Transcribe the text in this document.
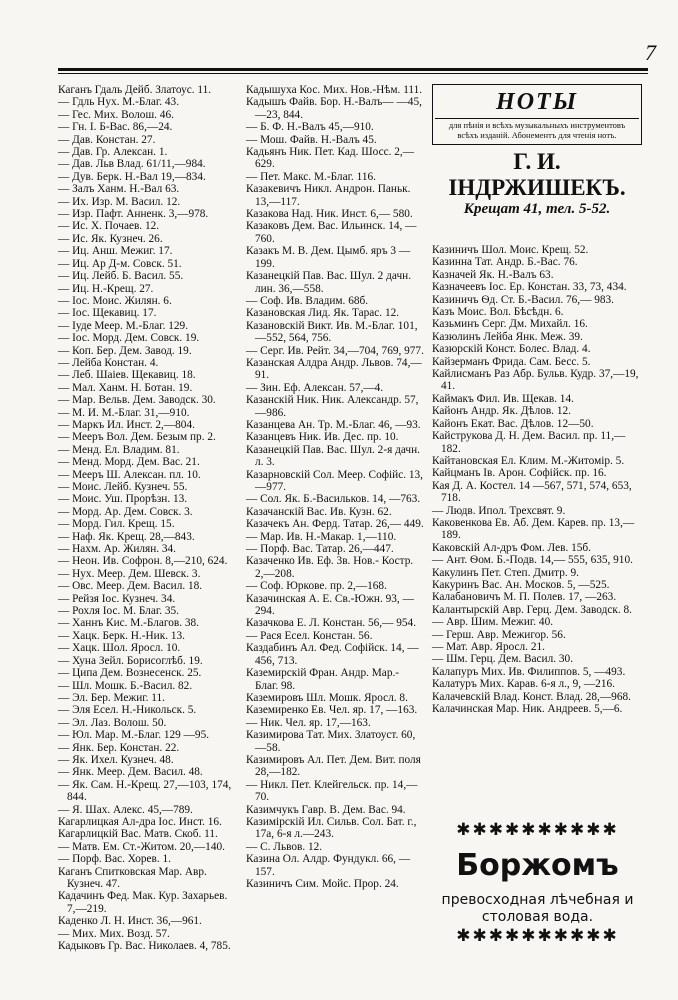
7
Каганъ Гдаль Дейб. Златоус. 11.
— Гдль Нух. М.-Благ. 43.
— Гес. Мих. Волош. 46.
— Гн. I. Б-Вас. 86,—24.
— Дав. Констан. 27.
— Дав. Гр. Алексан. 1.
— Дав. Льв Влад. 61/11,—984.
— Дув. Берк. Н.-Вал 19,—834.
— Залъ Ханм. Н.-Вал 63.
— Их. Изр. М. Васил. 12.
— Изр. Пафт. Анненк. 3,—978.
— Ис. X. Почаев. 12.
— Ис. Як. Кузнеч. 26.
— Иц. Анш. Межиг. 17.
— Иц. Ар Д-м. Совск. 51.
— Иц. Лейб. Б. Васил. 55.
— Иц. Н.-Крещ. 27.
— Іос. Моис. Жилян. 6.
— Іос. Щекавиц. 17.
— Іуде Меер. М.-Благ. 129.
— Іос. Морд. Дем. Совск. 19.
— Коп. Бер. Дем. Завод. 19.
— Лейба Констан. 4.
— Леб. Шаіев. Щекавиц. 18.
— Мал. Ханм. Н. Ботан. 19.
— Мар. Вельв. Дем. Заводск. 30.
— М. И. М.-Благ. 31,—910.
— Маркъ Ил. Инст. 2,—804.
— Мееръ Вол. Дем. Безым пр. 2.
— Менд. Ел. Владим. 81.
— Менд. Морд. Дем. Вас. 21.
— Мееръ Ш. Алексан. пл. 10.
— Моис. Лейб. Кузнеч. 55.
— Моис. Уш. Прорѣзн. 13.
— Морд. Ар. Дем. Совск. 3.
— Морд. Гил. Крещ. 15.
— Наф. Як. Крещ. 28,—843.
— Нахм. Ар. Жилян. 34.
— Неон. Ив. Софрон. 8,—210, 624.
— Нух. Меер. Дем. Шевск. 3.
— Овс. Меер. Дем. Васил. 18.
— Рейзя Іос. Кузнеч. 34.
— Рохля Іос. М. Благ. 35.
— Ханнъ Кис. М.-Благов. 38.
— Хацк. Берк. Н.-Ник. 13.
— Хацк. Шол. Яросл. 10.
— Хуна Зейл. Борисоглѣб. 19.
— Ципа Дем. Вознесенск. 25.
— Шл. Мошк. Б.-Васил. 82.
— Эл. Бер. Межиг. 11.
— Эля Есел. Н.-Никольск. 5.
— Эл. Лаз. Волош. 50.
— Юл. Мар. М.-Благ. 129 —95.
— Янк. Бер. Констан. 22.
— Як. Ихел. Кузнеч. 48.
— Янк. Меер. Дем. Васил. 48.
— Як. Сам. Н.-Крещ. 27,—103, 174, 844.
— Я. Шах. Алекс. 45,—789.
Кагарлицкая Ал-дра Іос. Инст. 16.
Кагарлицкій Вас. Матв. Скоб. 11.
— Матв. Ем. Ст.-Житом. 20,—140.
— Порф. Вас. Хорев. 1.
Каганъ Спитковская Мар. Авр. Кузнеч. 47.
Кадачинъ Фед. Мак. Кур. Захарьев. 7,—219.
Каденко Л. Н. Инст. 36,—961.
— Мих. Мих. Возд. 57.
Кадыковъ Гр. Вас. Николаев. 4, 785.
Кадышуха Кос. Мих. Нов.-Нѣм. 111.
Кадышъ Файв. Бор. Н.-Валъ— —45,—23, 844.
— Б. Ф. Н.-Валъ 45,—910.
— Мош. Файв. Н.-Валъ 45.
Кадьянъ Ник. Пет. Кад. Шосс. 2,—629.
— Пет. Макс. М.-Благ. 116.
Казакевичъ Никл. Андрон. Паньк. 13,—117.
Казакова Над. Ник. Инст. 6,— 580.
Казаковъ Дем. Вас. Ильинск. 14, —760.
Казакъ М. В. Дем. Цымб. яръ 3 —199.
Казанецкій Пав. Вас. Шул. 2 дачн. лин. 36,—558.
— Соф. Ив. Владим. 68б.
Казановская Лид. Як. Тарас. 12.
Казановскій Викт. Ив. М.-Благ. 101,—552, 564, 756.
— Серг. Ив. Рейт. 34,—704, 769, 977.
Казанская Алдра Андр. Львов. 74,—91.
— Зин. Еф. Алексан. 57,—4.
Казанскій Ник. Ник. Александр. 57,—986.
Казанцева Ан. Тр. М.-Благ. 46, —93.
Казанцевъ Ник. Ив. Дес. пр. 10.
Казанецкій Пав. Вас. Шул. 2-я дачн. л. 3.
Казарновскій Сол. Меер. Софійс. 13,—977.
— Сол. Як. Б.-Васильков. 14, —763.
Казачанскій Вас. Ив. Кузн. 62.
Казачекъ Ан. Ферд. Татар. 26,— 449.
— Мар. Ив. Н.-Макар. 1,—110.
— Порф. Вас. Татар. 26,—447.
Казаченко Ив. Еф. 3в. Нов.- Костр. 2,—208.
— Соф. Юркове. пр. 2,—168.
Казачинская А. Е. Св.-Южн. 93, —294.
Казачкова Е. Л. Констан. 56,— 954.
— Рася Есел. Констан. 56.
Каздабинъ Ал. Фед. Софійск. 14, —456, 713.
Каземирскій Фран. Андр. Мар.- Благ. 98.
Каземировъ Шл. Мошк. Яросл. 8.
Каземиренко Ев. Чел. яр. 17, —163.
— Ник. Чел. яр. 17,—163.
Казимирова Тат. Мих. Златоуст. 60,—58.
Казимировъ Ал. Пет. Дем. Вит. поля 28,—182.
— Никл. Пет. Клейгельск. пр. 14,—70.
Казимчукъ Гавр. В. Дем. Вас. 94.
Казимірскій Ил. Сильв. Сол. Бат. г., 17а, 6-я л.—243.
— С. Львов. 12.
Казина Ол. Алдр. Фундукл. 66, —157.
Казиничъ Сим. Мойс. Прор. 24.
НОТЫ
для пѣнія и всѣхъ музыкальныхъ инструментовъ всѣхъ изданій. Абонементъ для чтенія нотъ.
Г. И. ІНДРЖИШЕКЪ.
Крещат 41, тел. 5-52.
Казиничъ Шол. Моис. Крещ. 52.
Казинна Тат. Андр. Б.-Вас. 76.
Казначей Як. Н.-Валъ 63.
Казначеевъ Іос. Ер. Констан. 33, 73, 434.
Казиничъ Ѳд. Ст. Б.-Васил. 76,— 983.
Казъ Моис. Вол. Бѣсѣдн. 6.
Казьминъ Серг. Дм. Михайл. 16.
Казюлинъ Лейба Янк. Меж. 39.
Казюрскій Конст. Болес. Влад. 4.
Кайзерманъ Фрида. Сам. Бесс. 5.
Кайлисманъ Раз Абр. Бульв. Кудр. 37,—19, 41.
Каймакъ Фил. Ив. Щекав. 14.
Кайонъ Андр. Як. Дѣлов. 12.
Кайонъ Екат. Вас. Дѣлов. 12—50.
Кайструкова Д. Н. Дем. Васил. пр. 11,—182.
Кайтановская Ел. Клим. М.-Житомір. 5.
Кайцманъ Ів. Арон. Софійск. пр. 16.
Кая Д. А. Костел. 14 —567, 571, 574, 653, 718.
— Людв. Ипол. Трехсвят. 9.
Каковенкова Ев. Аб. Дем. Карев. пр. 13,—189.
Каковскій Ал-дръ Фом. Лев. 15б.
— Ант. Ѳом. Б.-Подв. 14,— 555, 635, 910.
Какулинъ Пет. Степ. Дмитр. 9.
Какуринъ Вас. Ан. Москов. 5, —525.
Калабановичъ М. П. Полев. 17, —263.
Калантырскій Авр. Герц. Дем. Заводск. 8.
— Авр. Шим. Межиг. 40.
— Герш. Авр. Межигор. 56.
— Мат. Авр. Яросл. 21.
— Шм. Герц. Дем. Васил. 30.
Калапуръ Мих. Ив. Филиппов. 5, —493.
Калатуръ Мих. Карав. 6-я л., 9, —216.
Калачевскій Влад. Конст. Влад. 28,—968.
Калачинская Мар. Ник. Андреев. 5,—6.
✱✱✱✱✱✱✱✱✱✱
Боржомъ
превосходная лѣчебная и столовая вода.
✱✱✱✱✱✱✱✱✱✱
